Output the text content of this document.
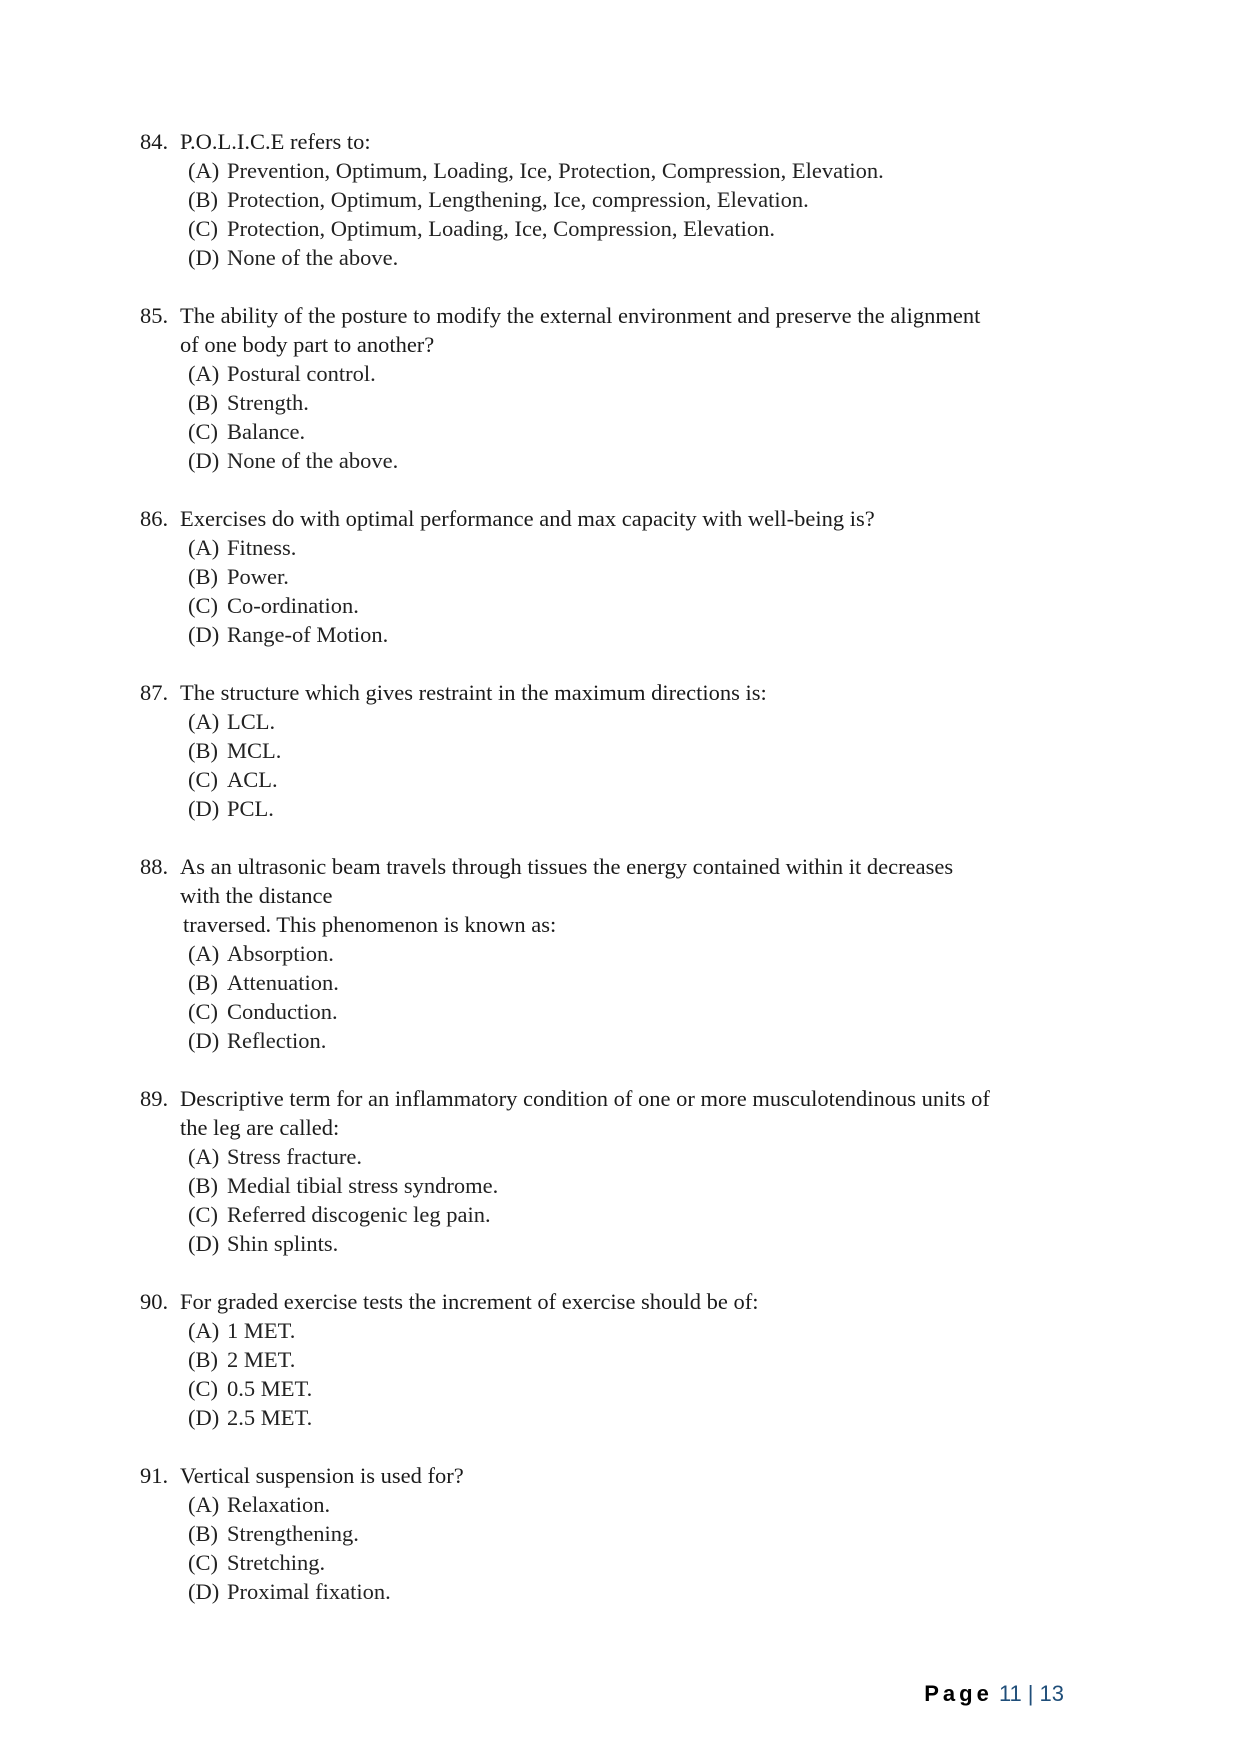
84. P.O.L.I.C.E refers to:
(A) Prevention, Optimum, Loading, Ice, Protection, Compression, Elevation.
(B) Protection, Optimum, Lengthening, Ice, compression, Elevation.
(C) Protection, Optimum, Loading, Ice, Compression, Elevation.
(D) None of the above.
85. The ability of the posture to modify the external environment and preserve the alignment
of one body part to another?
(A) Postural control.
(B) Strength.
(C) Balance.
(D) None of the above.
86. Exercises do with optimal performance and max capacity with well-being is?
(A) Fitness.
(B) Power.
(C) Co-ordination.
(D) Range-of Motion.
87. The structure which gives restraint in the maximum directions is:
(A) LCL.
(B) MCL.
(C) ACL.
(D) PCL.
88. As an ultrasonic beam travels through tissues the energy contained within it decreases
with the distance
traversed. This phenomenon is known as:
(A) Absorption.
(B) Attenuation.
(C) Conduction.
(D) Reflection.
89. Descriptive term for an inflammatory condition of one or more musculotendinous units of
the leg are called:
(A) Stress fracture.
(B) Medial tibial stress syndrome.
(C) Referred discogenic leg pain.
(D) Shin splints.
90. For graded exercise tests the increment of exercise should be of:
(A) 1 MET.
(B) 2 MET.
(C) 0.5 MET.
(D) 2.5 MET.
91. Vertical suspension is used for?
(A) Relaxation.
(B) Strengthening.
(C) Stretching.
(D) Proximal fixation.
Page 11 | 13
